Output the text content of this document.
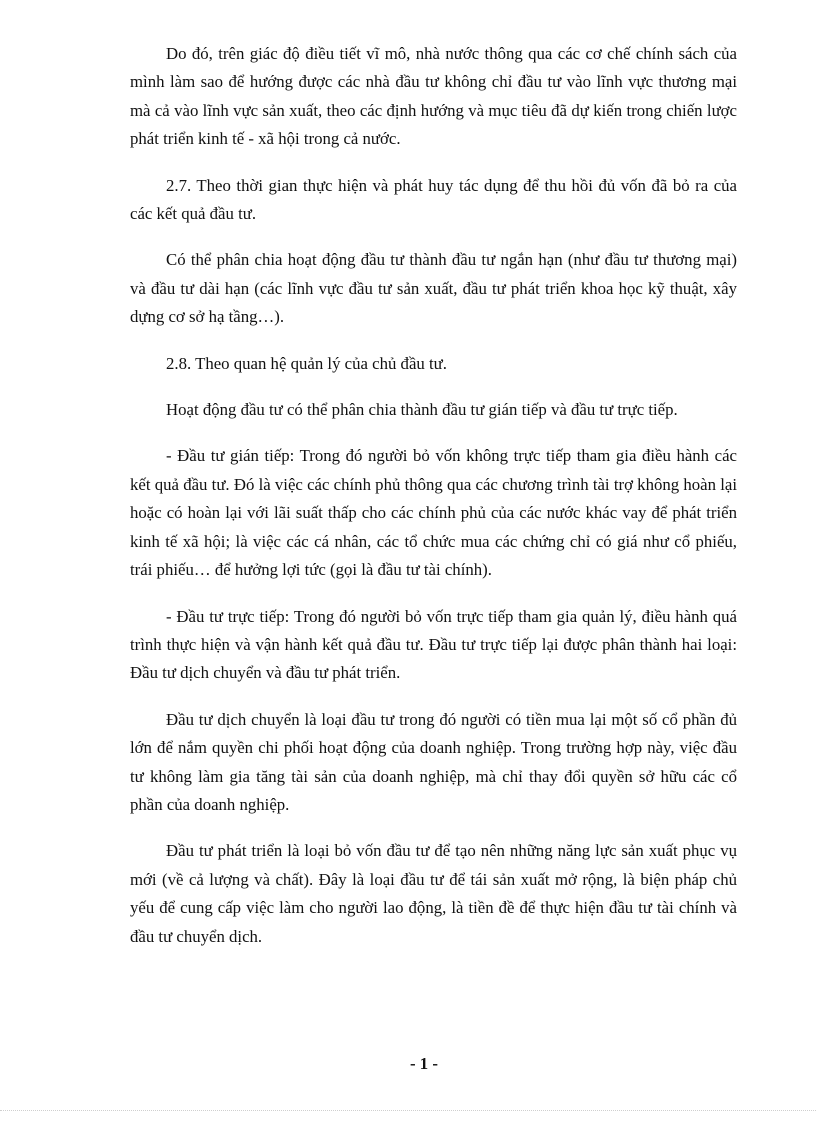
Do đó, trên giác độ điều tiết vĩ mô, nhà nước thông qua các cơ chế chính sách của mình làm sao để hướng được các nhà đầu tư không chỉ đầu tư vào lĩnh vực thương mại mà cả vào lĩnh vực sản xuất, theo các định hướng và mục tiêu đã dự kiến trong chiến lược phát triển kinh tế - xã hội trong cả nước.

2.7. Theo thời gian thực hiện và phát huy tác dụng để thu hồi đủ vốn đã bỏ ra của các kết quả đầu tư.

Có thể phân chia hoạt động đầu tư thành đầu tư ngắn hạn (như đầu tư thương mại) và đầu tư dài hạn (các lĩnh vực đầu tư sản xuất, đầu tư phát triển khoa học kỹ thuật, xây dựng cơ sở hạ tầng…).

2.8. Theo quan hệ quản lý của chủ đầu tư.

Hoạt động đầu tư có thể phân chia thành đầu tư gián tiếp và đầu tư trực tiếp.

- Đầu tư gián tiếp: Trong đó người bỏ vốn không trực tiếp tham gia điều hành các kết quả đầu tư. Đó là việc các chính phủ thông qua các chương trình tài trợ không hoàn lại hoặc có hoàn lại với lãi suất thấp cho các chính phủ của các nước khác vay để phát triển kinh tế xã hội; là việc các cá nhân, các tổ chức mua các chứng chỉ có giá như cổ phiếu, trái phiếu… để hưởng lợi tức (gọi là đầu tư tài chính).

- Đầu tư trực tiếp: Trong đó người bỏ vốn trực tiếp tham gia quản lý, điều hành quá trình thực hiện và vận hành kết quả đầu tư. Đầu tư trực tiếp lại được phân thành hai loại: Đầu tư dịch chuyển và đầu tư phát triển.

Đầu tư dịch chuyển là loại đầu tư trong đó người có tiền mua lại một số cổ phần đủ lớn để nắm quyền chi phối hoạt động của doanh nghiệp. Trong trường hợp này, việc đầu tư không làm gia tăng tài sản của doanh nghiệp, mà chỉ thay đổi quyền sở hữu các cổ phần của doanh nghiệp.

Đầu tư phát triển là loại bỏ vốn đầu tư để tạo nên những năng lực sản xuất phục vụ mới (về cả lượng và chất). Đây là loại đầu tư để tái sản xuất mở rộng, là biện pháp chủ yếu để cung cấp việc làm cho người lao động, là tiền đề để thực hiện đầu tư tài chính và đầu tư chuyển dịch.

- 1 -
